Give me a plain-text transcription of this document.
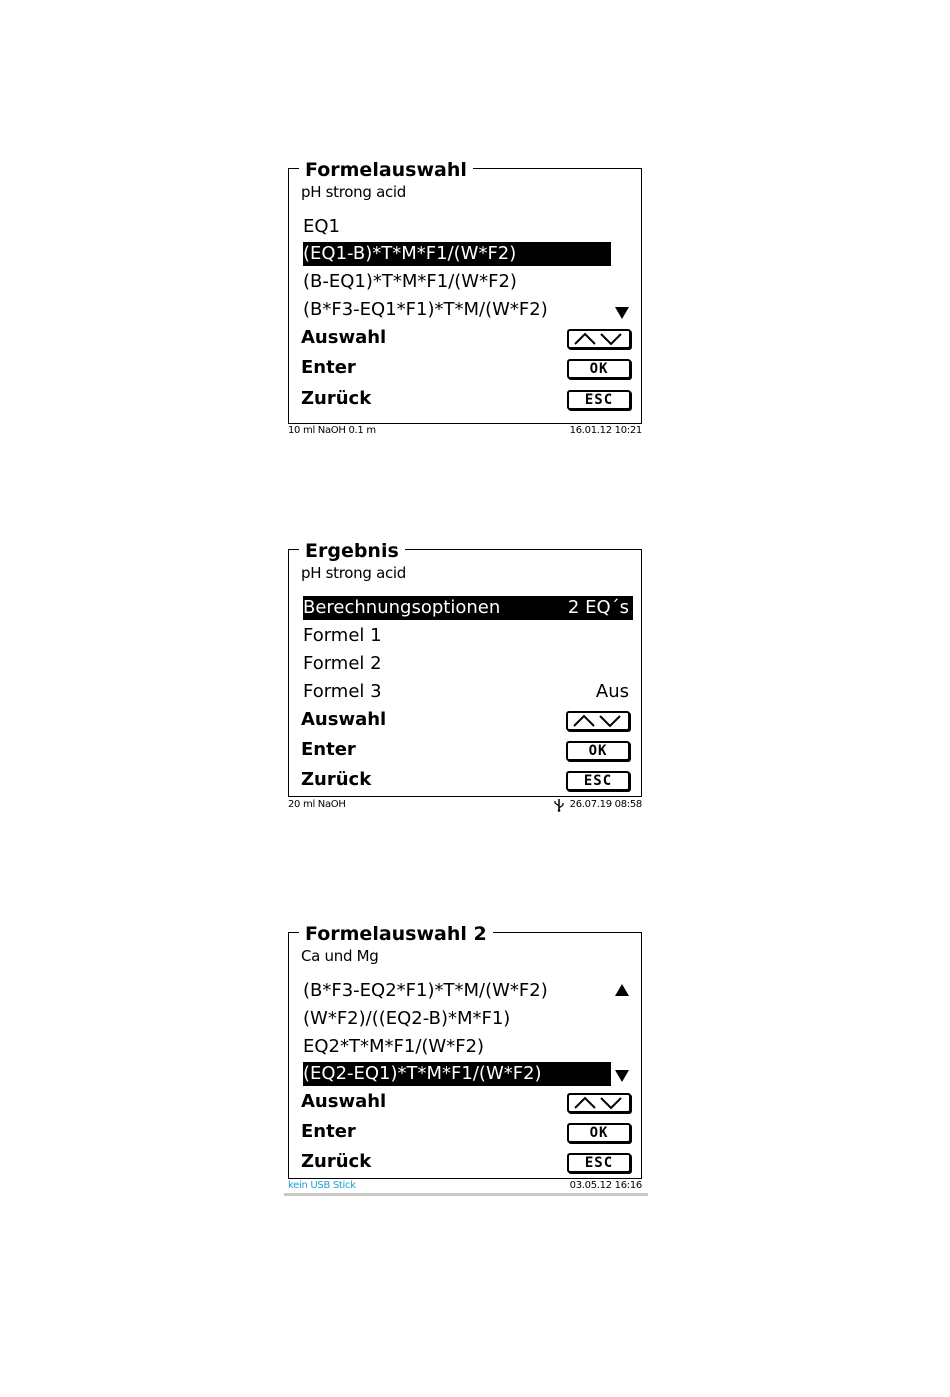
Formelauswahl
pH strong acid
EQ1
(EQ1-B)*T*M*F1/(W*F2)
(B-EQ1)*T*M*F1/(W*F2)
(B*F3-EQ1*F1)*T*M/(W*F2)
Auswahl
Enter	OK
Zurück	ESC
10 ml NaOH 0.1 m	16.01.12 10:21
Ergebnis
pH strong acid
Berechnungsoptionen	2 EQ´s
Formel 1
Formel 2
Formel 3	Aus
Auswahl
Enter	OK
Zurück	ESC
20 ml NaOH	26.07.19 08:58
Formelauswahl 2
Ca und Mg
(B*F3-EQ2*F1)*T*M/(W*F2)
(W*F2)/((EQ2-B)*M*F1)
EQ2*T*M*F1/(W*F2)
(EQ2-EQ1)*T*M*F1/(W*F2)
Auswahl
Enter	OK
Zurück	ESC
kein USB Stick	03.05.12 16:16
